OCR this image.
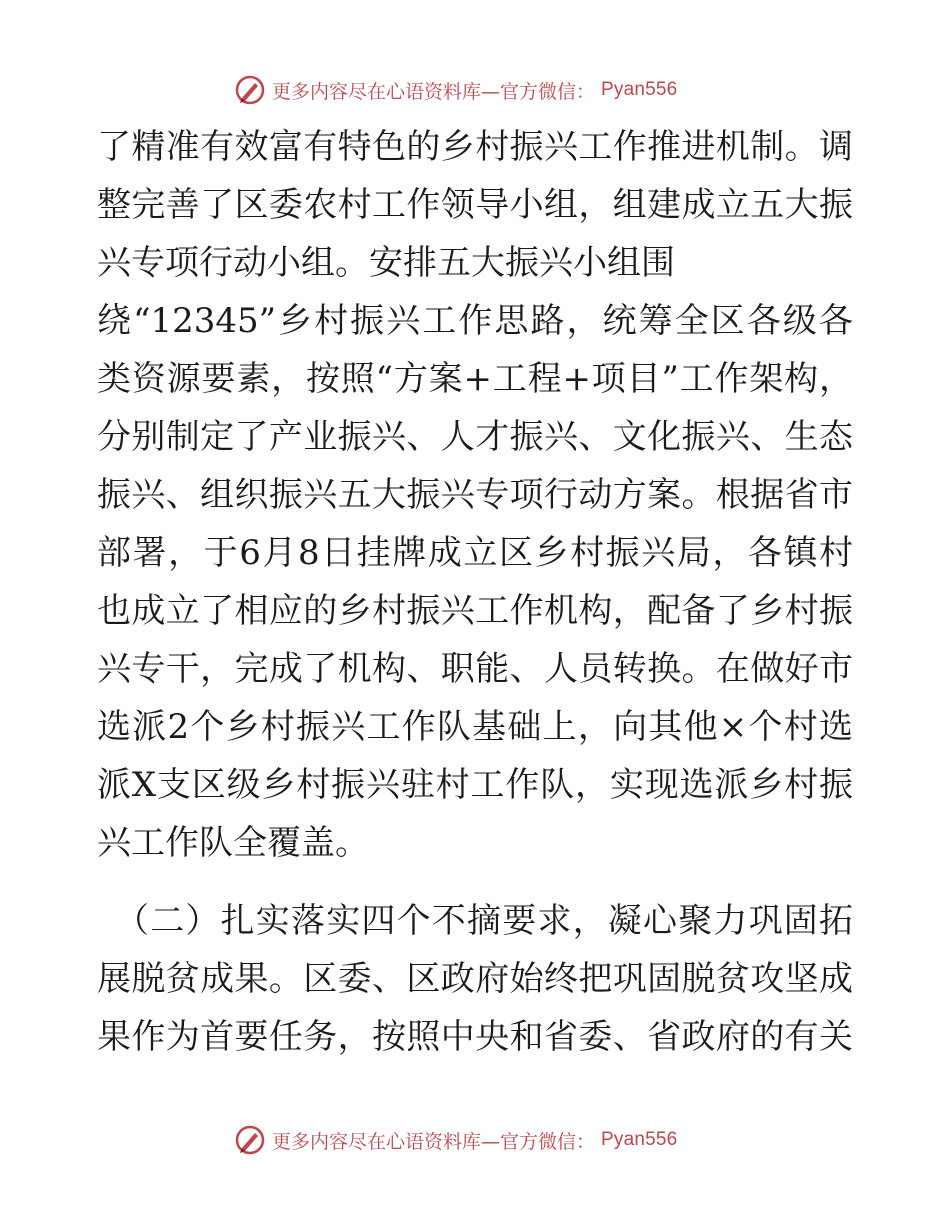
更多内容尽在心语资料库—官方微信： Pyan556
了精准有效富有特色的乡村振兴工作推进机制。调
整完善了区委农村工作领导小组，组建成立五大振
兴专项行动小组。安排五大振兴小组围
绕“12345”乡村振兴工作思路，统筹全区各级各
类资源要素，按照“方案+工程+项目”工作架构，
分别制定了产业振兴、人才振兴、文化振兴、生态
振兴、组织振兴五大振兴专项行动方案。根据省市
部署，于6月8日挂牌成立区乡村振兴局，各镇村
也成立了相应的乡村振兴工作机构，配备了乡村振
兴专干，完成了机构、职能、人员转换。在做好市
选派2个乡村振兴工作队基础上，向其他×个村选
派X支区级乡村振兴驻村工作队，实现选派乡村振
兴工作队全覆盖。
（二）扎实落实四个不摘要求，凝心聚力巩固拓
展脱贫成果。区委、区政府始终把巩固脱贫攻坚成
果作为首要任务，按照中央和省委、省政府的有关
更多内容尽在心语资料库—官方微信： Pyan556
